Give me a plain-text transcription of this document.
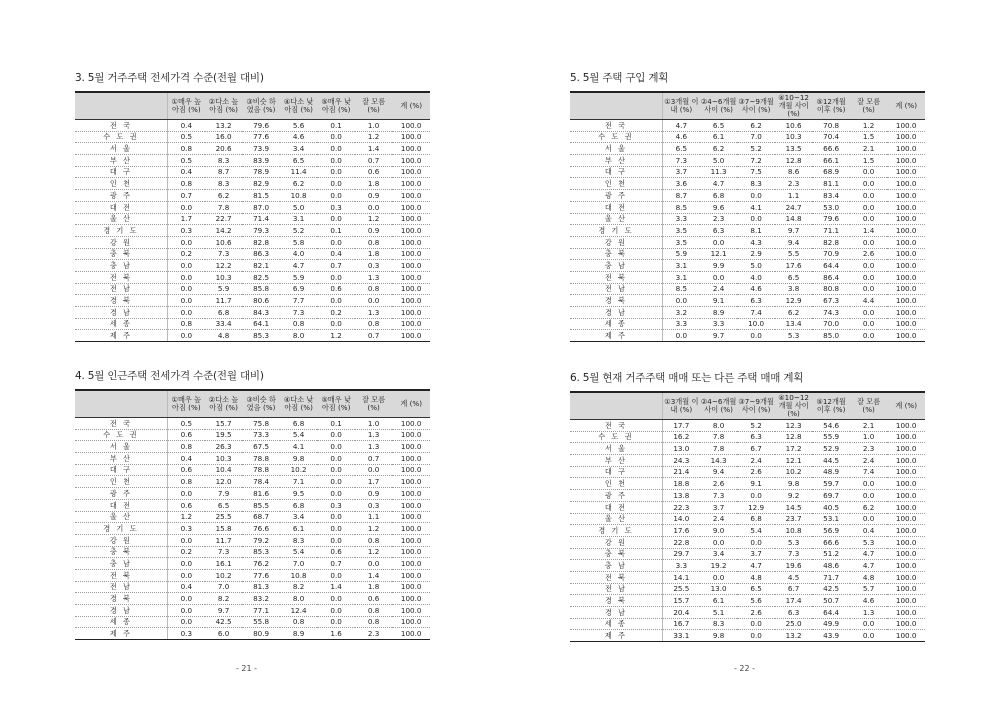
3. 5월 거주주택 전세가격 수준(전월 대비)
	①매우 높아짐 (%)	②다소 높아짐 (%)	③비슷 하였음 (%)	④다소 낮아짐 (%)	⑤매우 낮아짐 (%)	잘 모름 (%)	계 (%)
전 국	0.4	13.2	79.6	5.6	0.1	1.0	100.0
수 도 권	0.5	16.0	77.6	4.6	0.0	1.2	100.0
서 울	0.8	20.6	73.9	3.4	0.0	1.4	100.0
부 산	0.5	8.3	83.9	6.5	0.0	0.7	100.0
대 구	0.4	8.7	78.9	11.4	0.0	0.6	100.0
인 천	0.8	8.3	82.9	6.2	0.0	1.8	100.0
광 주	0.7	6.2	81.5	10.8	0.0	0.9	100.0
대 전	0.0	7.8	87.0	5.0	0.3	0.0	100.0
울 산	1.7	22.7	71.4	3.1	0.0	1.2	100.0
경 기 도	0.3	14.2	79.3	5.2	0.1	0.9	100.0
강 원	0.0	10.6	82.8	5.8	0.0	0.8	100.0
충 북	0.2	7.3	86.3	4.0	0.4	1.8	100.0
충 남	0.0	12.2	82.1	4.7	0.7	0.3	100.0
전 북	0.0	10.3	82.5	5.9	0.0	1.3	100.0
전 남	0.0	5.9	85.8	6.9	0.6	0.8	100.0
경 북	0.0	11.7	80.6	7.7	0.0	0.0	100.0
경 남	0.0	6.8	84.3	7.3	0.2	1.3	100.0
세 종	0.8	33.4	64.1	0.8	0.0	0.8	100.0
제 주	0.0	4.8	85.3	8.0	1.2	0.7	100.0
4. 5월 인근주택 전세가격 수준(전월 대비)
	①매우 높아짐 (%)	②다소 높아짐 (%)	③비슷 하였음 (%)	④다소 낮아짐 (%)	⑤매우 낮아짐 (%)	잘 모름 (%)	계 (%)
전 국	0.5	15.7	75.8	6.8	0.1	1.0	100.0
수 도 권	0.6	19.5	73.3	5.4	0.0	1.3	100.0
서 울	0.8	26.3	67.5	4.1	0.0	1.3	100.0
부 산	0.4	10.3	78.8	9.8	0.0	0.7	100.0
대 구	0.6	10.4	78.8	10.2	0.0	0.0	100.0
인 천	0.8	12.0	78.4	7.1	0.0	1.7	100.0
광 주	0.0	7.9	81.6	9.5	0.0	0.9	100.0
대 전	0.6	6.5	85.5	6.8	0.3	0.3	100.0
울 산	1.2	25.5	68.7	3.4	0.0	1.1	100.0
경 기 도	0.3	15.8	76.6	6.1	0.0	1.2	100.0
강 원	0.0	11.7	79.2	8.3	0.0	0.8	100.0
충 북	0.2	7.3	85.3	5.4	0.6	1.2	100.0
충 남	0.0	16.1	76.2	7.0	0.7	0.0	100.0
전 북	0.0	10.2	77.6	10.8	0.0	1.4	100.0
전 남	0.4	7.0	81.3	8.2	1.4	1.8	100.0
경 북	0.0	8.2	83.2	8.0	0.0	0.6	100.0
경 남	0.0	9.7	77.1	12.4	0.0	0.8	100.0
세 종	0.0	42.5	55.8	0.8	0.0	0.8	100.0
제 주	0.3	6.0	80.9	8.9	1.6	2.3	100.0
5. 5월 주택 구입 계획
	①3개월 이내 (%)	②4~6개월 사이 (%)	③7~9개월 사이 (%)	④10~12 개월 사이 (%)	⑤12개월 이후 (%)	잘 모름 (%)	계 (%)
전 국	4.7	6.5	6.2	10.6	70.8	1.2	100.0
수 도 권	4.6	6.1	7.0	10.3	70.4	1.5	100.0
서 울	6.5	6.2	5.2	13.5	66.6	2.1	100.0
부 산	7.3	5.0	7.2	12.8	66.1	1.5	100.0
대 구	3.7	11.3	7.5	8.6	68.9	0.0	100.0
인 천	3.6	4.7	8.3	2.3	81.1	0.0	100.0
광 주	8.7	6.8	0.0	1.1	83.4	0.0	100.0
대 전	8.5	9.6	4.1	24.7	53.0	0.0	100.0
울 산	3.3	2.3	0.0	14.8	79.6	0.0	100.0
경 기 도	3.5	6.3	8.1	9.7	71.1	1.4	100.0
강 원	3.5	0.0	4.3	9.4	82.8	0.0	100.0
충 북	5.9	12.1	2.9	5.5	70.9	2.6	100.0
충 남	3.1	9.9	5.0	17.6	64.4	0.0	100.0
전 북	3.1	0.0	4.0	6.5	86.4	0.0	100.0
전 남	8.5	2.4	4.6	3.8	80.8	0.0	100.0
경 북	0.0	9.1	6.3	12.9	67.3	4.4	100.0
경 남	3.2	8.9	7.4	6.2	74.3	0.0	100.0
세 종	3.3	3.3	10.0	13.4	70.0	0.0	100.0
제 주	0.0	9.7	0.0	5.3	85.0	0.0	100.0
6. 5월 현재 거주주택 매매 또는 다른 주택 매매 계획
	①3개월 이내 (%)	②4~6개월 사이 (%)	③7~9개월 사이 (%)	④10~12 개월 사이 (%)	⑤12개월 이후 (%)	잘 모름 (%)	계 (%)
전 국	17.7	8.0	5.2	12.3	54.6	2.1	100.0
수 도 권	16.2	7.8	6.3	12.8	55.9	1.0	100.0
서 울	13.0	7.8	6.7	17.2	52.9	2.3	100.0
부 산	24.3	14.3	2.4	12.1	44.5	2.4	100.0
대 구	21.4	9.4	2.6	10.2	48.9	7.4	100.0
인 천	18.8	2.6	9.1	9.8	59.7	0.0	100.0
광 주	13.8	7.3	0.0	9.2	69.7	0.0	100.0
대 전	22.3	3.7	12.9	14.5	40.5	6.2	100.0
울 산	14.0	2.4	6.8	23.7	53.1	0.0	100.0
경 기 도	17.6	9.0	5.4	10.8	56.9	0.4	100.0
강 원	22.8	0.0	0.0	5.3	66.6	5.3	100.0
충 북	29.7	3.4	3.7	7.3	51.2	4.7	100.0
충 남	3.3	19.2	4.7	19.6	48.6	4.7	100.0
전 북	14.1	0.0	4.8	4.5	71.7	4.8	100.0
전 남	25.5	13.0	6.5	6.7	42.5	5.7	100.0
경 북	15.7	6.1	5.6	17.4	50.7	4.6	100.0
경 남	20.4	5.1	2.6	6.3	64.4	1.3	100.0
세 종	16.7	8.3	0.0	25.0	49.9	0.0	100.0
제 주	33.1	9.8	0.0	13.2	43.9	0.0	100.0
- 21 -	- 22 -
